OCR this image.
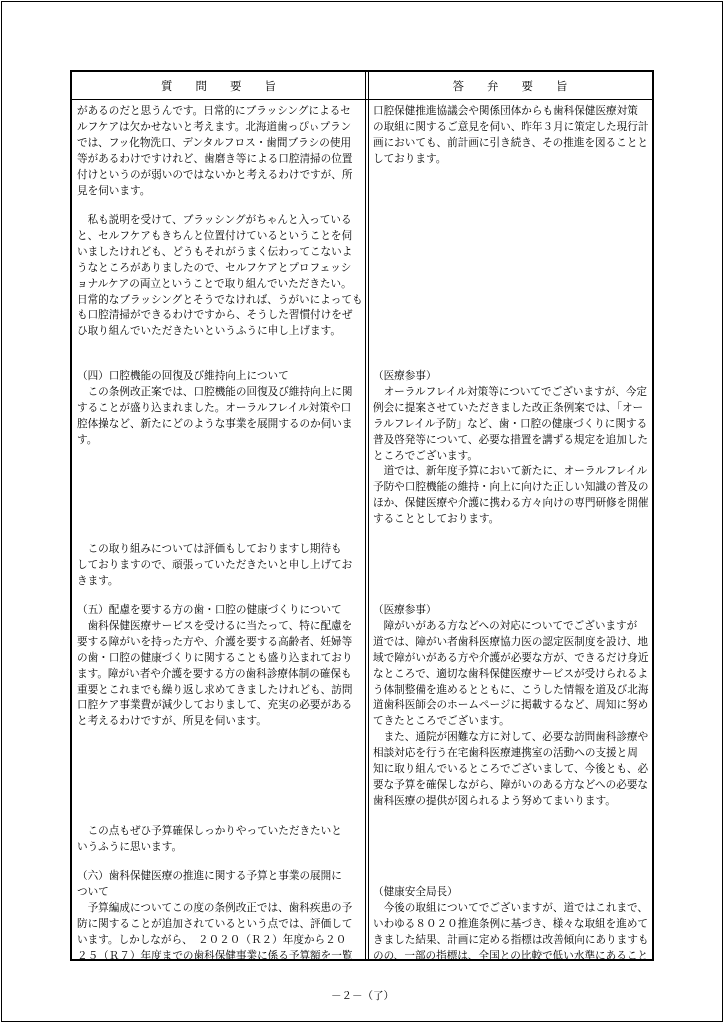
質　　問　　要　　旨	答　　弁　　要　　旨
があるのだと思うんです。日常的にブラッシングによるセ
ルフケアは欠かせないと考えます。北海道歯っぴぃプラン
では、フッ化物洗口、デンタルフロス・歯間ブラシの使用
等があるわけですけれど、歯磨き等による口腔清掃の位置
付けというのが弱いのではないかと考えるわけですが、所
見を伺います。
　私も説明を受けて、ブラッシングがちゃんと入っている
と、セルフケアもきちんと位置付けているということを伺
いましたけれども、どうもそれがうまく伝わってこないよ
うなところがありましたので、セルフケアとプロフェッシ
ョナルケアの両立ということで取り組んでいただきたい。
日常的なブラッシングとそうでなければ、うがいによっても
も口腔清掃ができるわけですから、そうした習慣付けをぜ
ひ取り組んでいただきたいというふうに申し上げます。
（四）口腔機能の回復及び維持向上について
　この条例改正案では、口腔機能の回復及び維持向上に関
することが盛り込まれました。オーラルフレイル対策や口
腔体操など、新たにどのような事業を展開するのか伺いま
す。
　この取り組みについては評価もしておりますし期待も
しておりますので、頑張っていただきたいと申し上げてお
きます。
（五）配慮を要する方の歯・口腔の健康づくりについて
　歯科保健医療サービスを受けるに当たって、特に配慮を
要する障がいを持った方や、介護を要する高齢者、妊婦等
の歯・口腔の健康づくりに関することも盛り込まれており
ます。障がい者や介護を要する方の歯科診療体制の確保も
重要とこれまでも繰り返し求めてきましたけれども、訪問
口腔ケア事業費が減少しておりまして、充実の必要がある
と考えるわけですが、所見を伺います。
　この点もぜひ予算確保しっかりやっていただきたいと
いうふうに思います。
（六）歯科保健医療の推進に関する予算と事業の展開に
ついて
　予算編成についてこの度の条例改正では、歯科疾患の予
防に関することが追加されているという点では、評価して
います。しかしながら、　２０２０（Ｒ２）年度から２０
２５（Ｒ７）年度までの歯科保健事業に係る予算額を一覧
口腔保健推進協議会や関係団体からも歯科保健医療対策
の取組に関するご意見を伺い、昨年３月に策定した現行計
画においても、前計画に引き続き、その推進を図ることと
しております。
（医療参事）
　オーラルフレイル対策等についてでございますが、今定
例会に提案させていただきました改正条例案では、「オー
ラルフレイル予防」など、歯・口腔の健康づくりに関する
普及啓発等について、必要な措置を講ずる規定を追加した
ところでございます。
　道では、新年度予算において新たに、オーラルフレイル
予防や口腔機能の維持・向上に向けた正しい知識の普及の
ほか、保健医療や介護に携わる方々向けの専門研修を開催
することとしております。
（医療参事）
　障がいがある方などへの対応についてでございますが
道では、障がい者歯科医療協力医の認定医制度を設け、地
域で障がいがある方や介護が必要な方が、できるだけ身近
なところで、適切な歯科保健医療サービスが受けられるよ
う体制整備を進めるとともに、こうした情報を道及び北海
道歯科医師会のホームページに掲載するなど、周知に努め
てきたところでございます。
　また、通院が困難な方に対して、必要な訪問歯科診療や
相談対応を行う在宅歯科医療連携室の活動への支援と周
知に取り組んでいるところでございまして、今後とも、必
要な予算を確保しながら、障がいのある方などへの必要な
歯科医療の提供が図られるよう努めてまいります。
（健康安全局長）
　今後の取組についてでございますが、道ではこれまで、
いわゆる８０２０推進条例に基づき、様々な取組を進めて
きました結果、計画に定める指標は改善傾向にありますも
のの、一部の指標は、全国との比較で低い水準にあること
－２－（了）
